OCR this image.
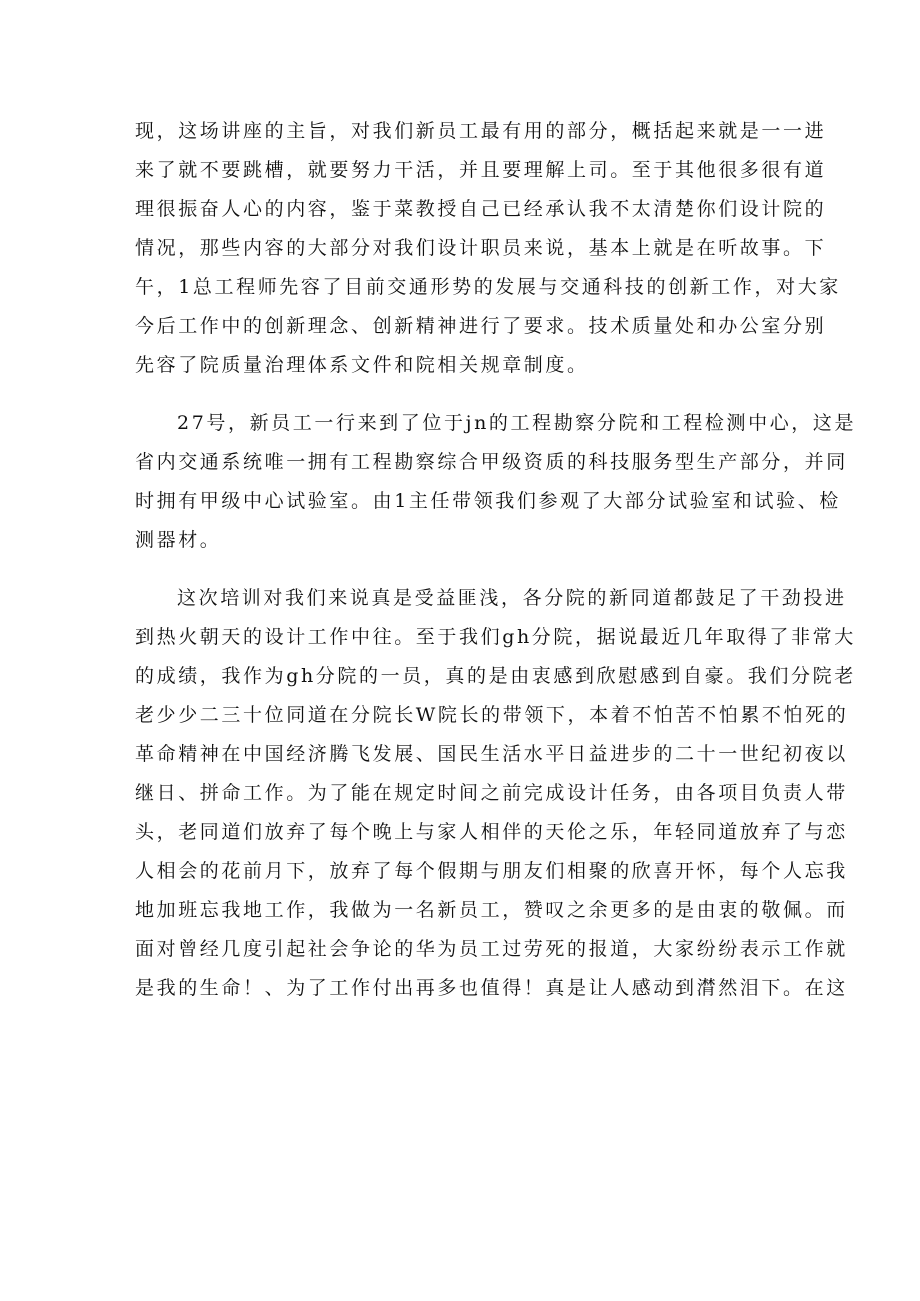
现，这场讲座的主旨，对我们新员工最有用的部分，概括起来就是一一进
来了就不要跳槽，就要努力干活，并且要理解上司。至于其他很多很有道
理很振奋人心的内容，鉴于菜教授自己已经承认我不太清楚你们设计院的
情况，那些内容的大部分对我们设计职员来说，基本上就是在听故事。下
午，1总工程师先容了目前交通形势的发展与交通科技的创新工作，对大家
今后工作中的创新理念、创新精神进行了要求。技术质量处和办公室分别
先容了院质量治理体系文件和院相关规章制度。
27号，新员工一行来到了位于jn的工程勘察分院和工程检测中心，这是
省内交通系统唯一拥有工程勘察综合甲级资质的科技服务型生产部分，并同
时拥有甲级中心试验室。由1主任带领我们参观了大部分试验室和试验、检
测器材。
这次培训对我们来说真是受益匪浅，各分院的新同道都鼓足了干劲投进
到热火朝天的设计工作中往。至于我们gh分院，据说最近几年取得了非常大
的成绩，我作为gh分院的一员，真的是由衷感到欣慰感到自豪。我们分院老
老少少二三十位同道在分院长W院长的带领下，本着不怕苦不怕累不怕死的
革命精神在中国经济腾飞发展、国民生活水平日益进步的二十一世纪初夜以
继日、拼命工作。为了能在规定时间之前完成设计任务，由各项目负责人带
头，老同道们放弃了每个晚上与家人相伴的天伦之乐，年轻同道放弃了与恋
人相会的花前月下，放弃了每个假期与朋友们相聚的欣喜开怀，每个人忘我
地加班忘我地工作，我做为一名新员工，赞叹之余更多的是由衷的敬佩。而
面对曾经几度引起社会争论的华为员工过劳死的报道，大家纷纷表示工作就
是我的生命！、为了工作付出再多也值得！真是让人感动到潸然泪下。在这
